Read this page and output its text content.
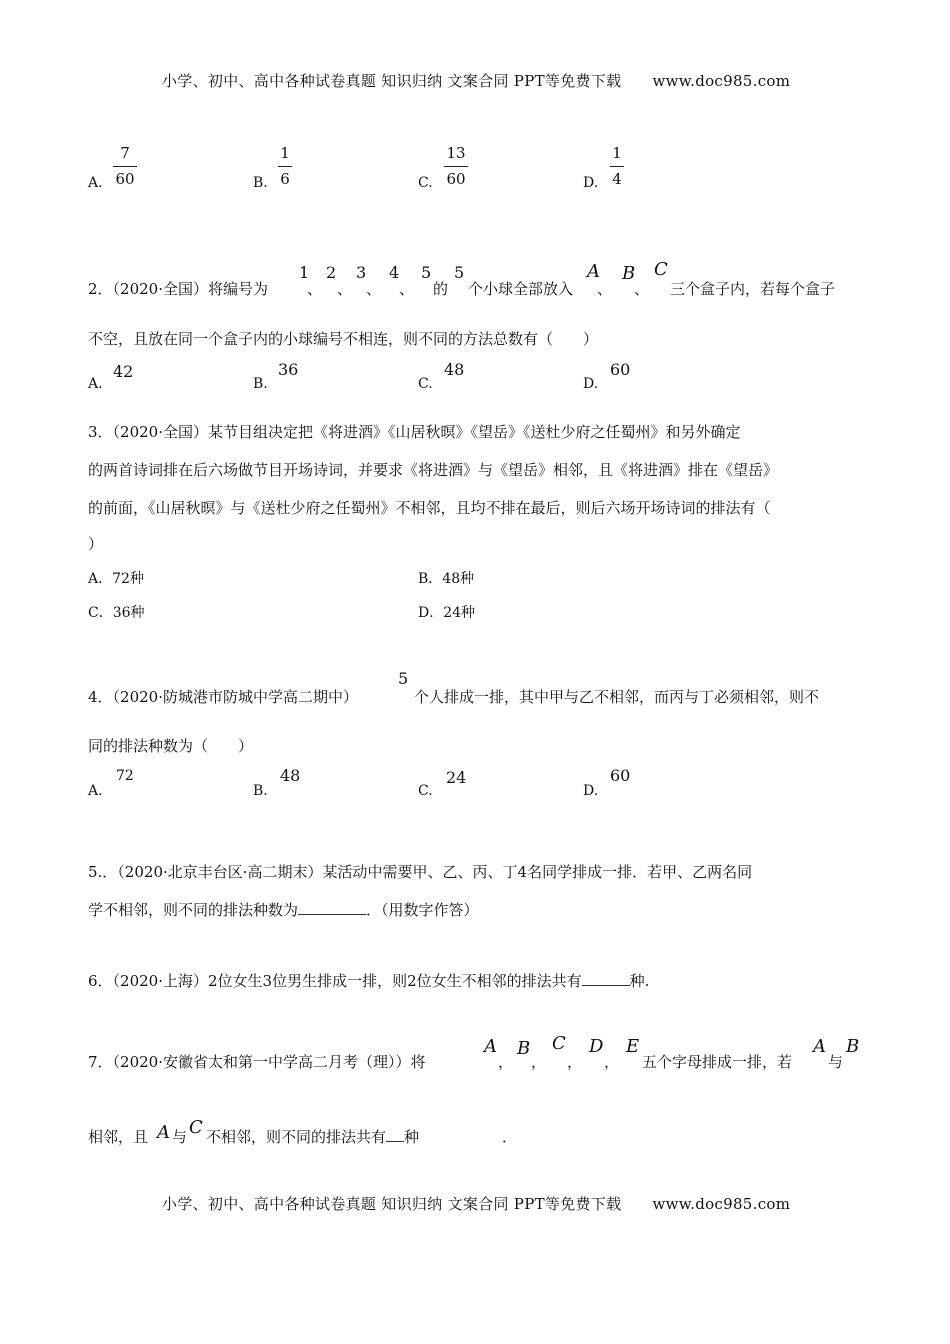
小学、初中、高中各种试卷真题 知识归纳 文案合同 PPT等免费下载 www.doc985.com
A.
7
60	B.
1
6	C.
13
60	D.
1
4
2．（2020·全国）将编号为
1
、
2
、
3
、
4
、
5
的
5
个小球全部放入
A
、
B
、
C
三个盒子内，若每个盒子
不空，且放在同一个盒子内的小球编号不相连，则不同的方法总数有（　　）
A.
42
B.
36
C.
48
D.
60
3．（2020·全国）某节目组决定把《将进酒》《山居秋暝》《望岳》《送杜少府之任蜀州》和另外确定
的两首诗词排在后六场做节目开场诗词，并要求《将进酒》与《望岳》相邻，且《将进酒》排在《望岳》
的前面，《山居秋暝》与《送杜少府之任蜀州》不相邻，且均不排在最后，则后六场开场诗词的排法有（
）
A．72种	B．48种
C．36种	D．24种
4．（2020·防城港市防城中学高二期中）
5
个人排成一排，其中甲与乙不相邻，而丙与丁必须相邻，则不
同的排法种数为（　　）
A.
72
B.
48
C.
24
D.
60
5.．（2020·北京丰台区·高二期末）某活动中需要甲、乙、丙、丁4名同学排成一排．若甲、乙两名同
学不相邻，则不同的排法种数为	．（用数字作答）
6．（2020·上海）2位女生3位男生排成一排，则2位女生不相邻的排法共有	种.
7．（2020·安徽省太和第一中学高二月考（理））将
A
，
B
，
C
，
D
，
E
五个字母排成一排，若
A
与
B
相邻，且 A 与 C 不相邻，则不同的排法共有 种	．
小学、初中、高中各种试卷真题 知识归纳 文案合同 PPT等免费下载 www.doc985.com
